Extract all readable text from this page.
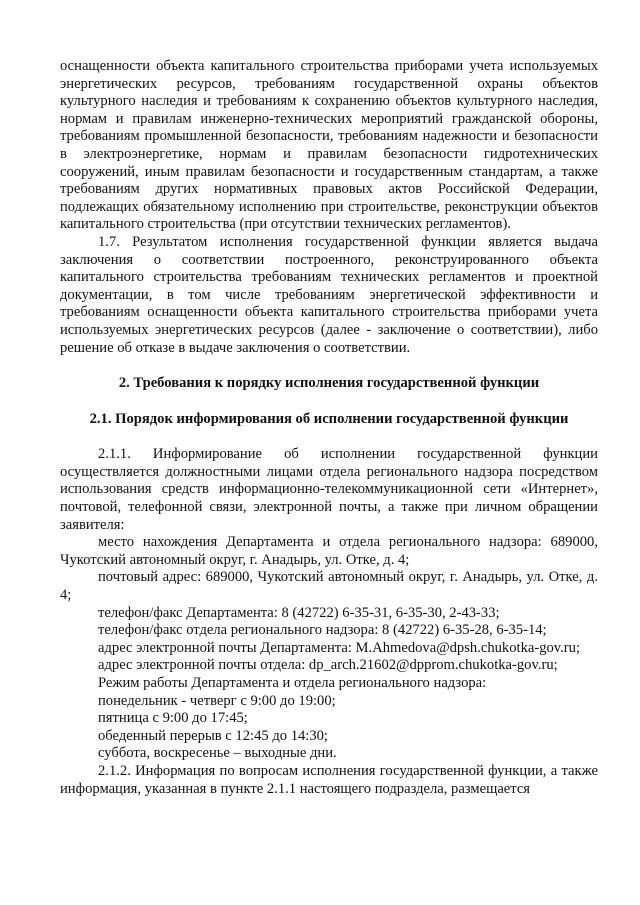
оснащенности объекта капитального строительства приборами учета используемых энергетических ресурсов, требованиям государственной охраны объектов культурного наследия и требованиям к сохранению объектов культурного наследия, нормам и правилам инженерно-технических мероприятий гражданской обороны, требованиям промышленной безопасности, требованиям надежности и безопасности в электроэнергетике, нормам и правилам безопасности гидротехнических сооружений, иным правилам безопасности и государственным стандартам, а также требованиям других нормативных правовых актов Российской Федерации, подлежащих обязательному исполнению при строительстве, реконструкции объектов капитального строительства (при отсутствии технических регламентов).

1.7. Результатом исполнения государственной функции является выдача заключения о соответствии построенного, реконструированного объекта капитального строительства требованиям технических регламентов и проектной документации, в том числе требованиям энергетической эффективности и требованиям оснащенности объекта капитального строительства приборами учета используемых энергетических ресурсов (далее - заключение о соответствии), либо решение об отказе в выдаче заключения о соответствии.

2. Требования к порядку исполнения государственной функции

2.1. Порядок информирования об исполнении государственной функции

2.1.1. Информирование об исполнении государственной функции осуществляется должностными лицами отдела регионального надзора посредством использования средств информационно-телекоммуникационной сети «Интернет», почтовой, телефонной связи, электронной почты, а также при личном обращении заявителя:

место нахождения Департамента и отдела регионального надзора: 689000, Чукотский автономный округ, г. Анадырь, ул. Отке, д. 4;

почтовый адрес: 689000, Чукотский автономный округ, г. Анадырь, ул. Отке, д. 4;

телефон/факс Департамента: 8 (42722) 6-35-31, 6-35-30, 2-43-33;

телефон/факс отдела регионального надзора: 8 (42722) 6-35-28, 6-35-14;

адрес электронной почты Департамента: M.Ahmedova@dpsh.chukotka-gov.ru;

адрес электронной почты отдела: dp_arch.21602@dpprom.chukotka-gov.ru;

Режим работы Департамента и отдела регионального надзора:

понедельник - четверг с 9:00 до 19:00;

пятница с 9:00 до 17:45;

обеденный перерыв с 12:45 до 14:30;

суббота, воскресенье – выходные дни.

2.1.2. Информация по вопросам исполнения государственной функции, а также информация, указанная в пункте 2.1.1 настоящего подраздела, размещается
